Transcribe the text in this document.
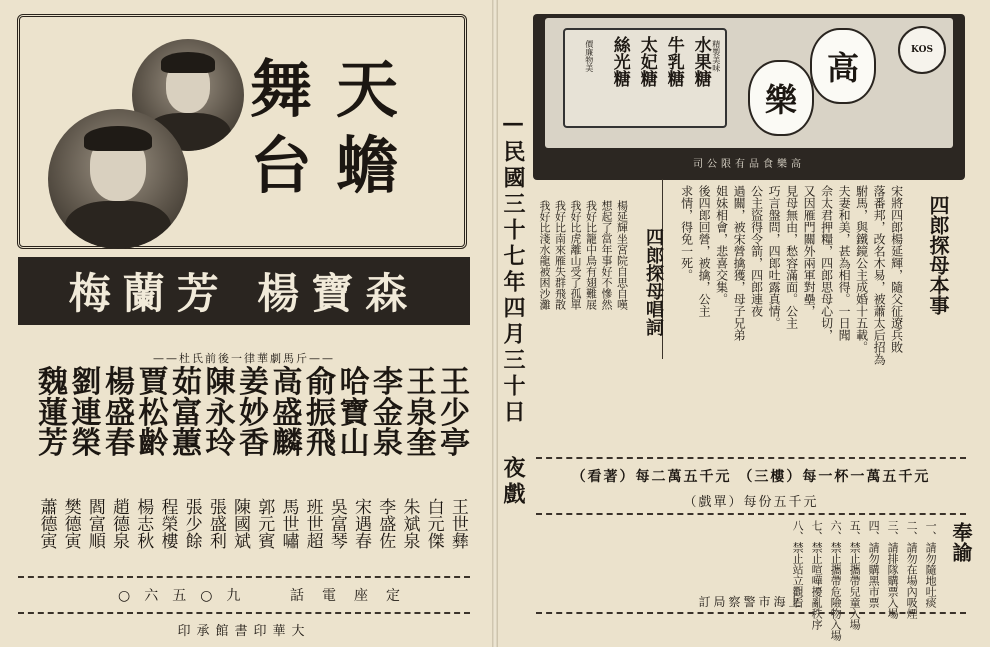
天
蟾
舞
台
梅蘭芳 楊寶森
——杜氏前後一律華劇馬斤——
王
少
亭
王
泉
奎
李
金
泉
哈
寶
山
俞
振
飛
高
盛
麟
姜
妙
香
陳
永
玲
茹
富
蕙
賈
松
齡
楊
盛
春
劉
連
榮
魏
蓮
芳
王世彝
白元傑
朱斌泉
李盛佐
宋遇春
吳富琴
班世超
馬世嘯
郭元賓
陳國斌
張盛利
張少餘
程榮樓
楊志秋
趙德泉
閻富順
樊德寅
蕭德寅
○六五○九	話電座定
印承館書印華大
水果糖
牛乳糖
太妃糖
絲光糖	精製美味
價廉物美	高
樂
KOS
司公限有品食樂高
—民國三十七年四月三十日 夜戲	四郎探母本事
四郎探母唱詞	宋將四郎楊延輝，隨父征遼兵敗
落番邦，改名木易，被蕭太后招為
駙馬，與鐵鏡公主成婚十五載。
夫妻和美，甚為相得。一日聞
佘太君押糧，四郎思母心切，
又因雁門關外兩軍對壘，
見母無由，愁容滿面。公主
巧言盤問，四郎吐露真情。
公主盜得令箭，四郎連夜
過關，被宋營擒獲，母子兄弟
姐妹相會，悲喜交集。
後四郎回營，被擒，公主
求情，得免一死。
楊延輝坐宮院自思自嘆
想起了當年事好不慘然
我好比籠中鳥有翅難展
我好比虎離山受了孤單
我好比南來雁失群飛散
我好比淺水龍被困沙灘
（看著）每二萬五千元 （三樓）每一杯一萬五千元
（戲單）每份五千元
奉諭
一、請勿隨地吐痰
二、請勿在場內吸煙
三、請排隊購票入場
四、請勿購黑市票
五、禁止攜帶兒童入場
六、禁止攜帶危險物入場
七、禁止喧嘩擾亂秩序
八、禁止站立觀看
訂局察警市海上
